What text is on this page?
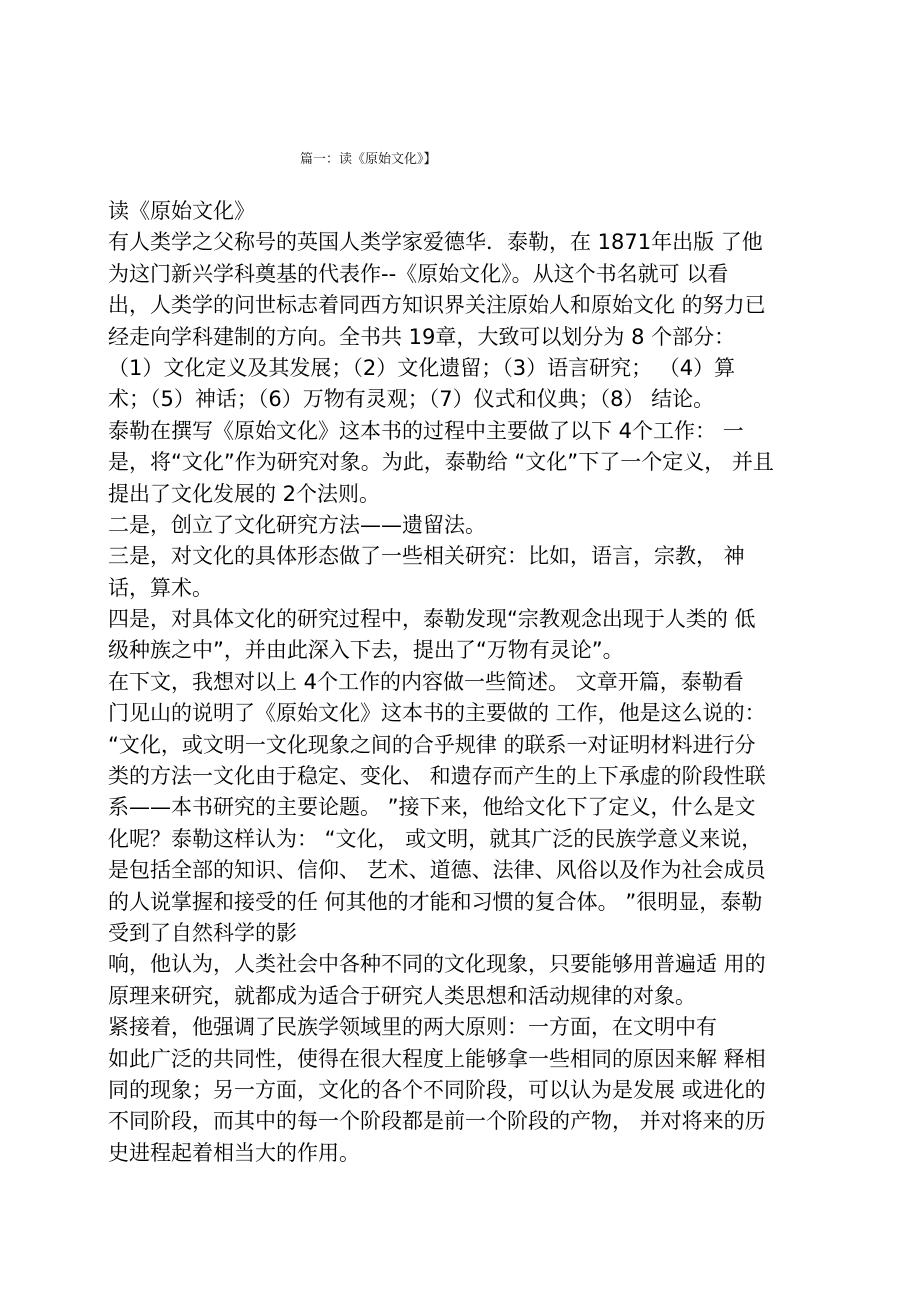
篇一：读《原始文化》】
读《原始文化》
有人类学之父称号的英国人类学家爱德华．泰勒，在 1871年出版 了他
为这门新兴学科奠基的代表作--《原始文化》。从这个书名就可 以看
出，人类学的问世标志着同西方知识界关注原始人和原始文化 的努力已
经走向学科建制的方向。全书共 19章，大致可以划分为 8 个部分：
（1）文化定义及其发展；（2）文化遗留；（3）语言研究； （4）算
术；（5）神话；（6）万物有灵观；（7）仪式和仪典；（8） 结论。
泰勒在撰写《原始文化》这本书的过程中主要做了以下 4个工作： 一
是，将“文化”作为研究对象。为此，泰勒给 “文化”下了一个定义， 并且
提出了文化发展的 2个法则。
二是，创立了文化研究方法——遗留法。
三是，对文化的具体形态做了一些相关研究：比如，语言，宗教， 神
话，算术。
四是，对具体文化的研究过程中，泰勒发现“宗教观念出现于人类的 低
级种族之中”，并由此深入下去，提出了“万物有灵论”。
在下文，我想对以上 4个工作的内容做一些简述。 文章开篇，泰勒看
门见山的说明了《原始文化》这本书的主要做的 工作，他是这么说的：
“文化，或文明一文化现象之间的合乎规律 的联系一对证明材料进行分
类的方法一文化由于稳定、变化、 和遗存而产生的上下承虚的阶段性联
系——本书研究的主要论题。 ”接下来，他给文化下了定义，什么是文
化呢？泰勒这样认为： “文化， 或文明，就其广泛的民族学意义来说，
是包括全部的知识、信仰、 艺术、道德、法律、风俗以及作为社会成员
的人说掌握和接受的任 何其他的才能和习惯的复合体。 ”很明显，泰勒
受到了自然科学的影
响，他认为，人类社会中各种不同的文化现象，只要能够用普遍适 用的
原理来研究，就都成为适合于研究人类思想和活动规律的对象。
紧接着，他强调了民族学领域里的两大原则：一方面，在文明中有
如此广泛的共同性，使得在很大程度上能够拿一些相同的原因来解 释相
同的现象；另一方面，文化的各个不同阶段，可以认为是发展 或进化的
不同阶段，而其中的每一个阶段都是前一个阶段的产物， 并对将来的历
史进程起着相当大的作用。
